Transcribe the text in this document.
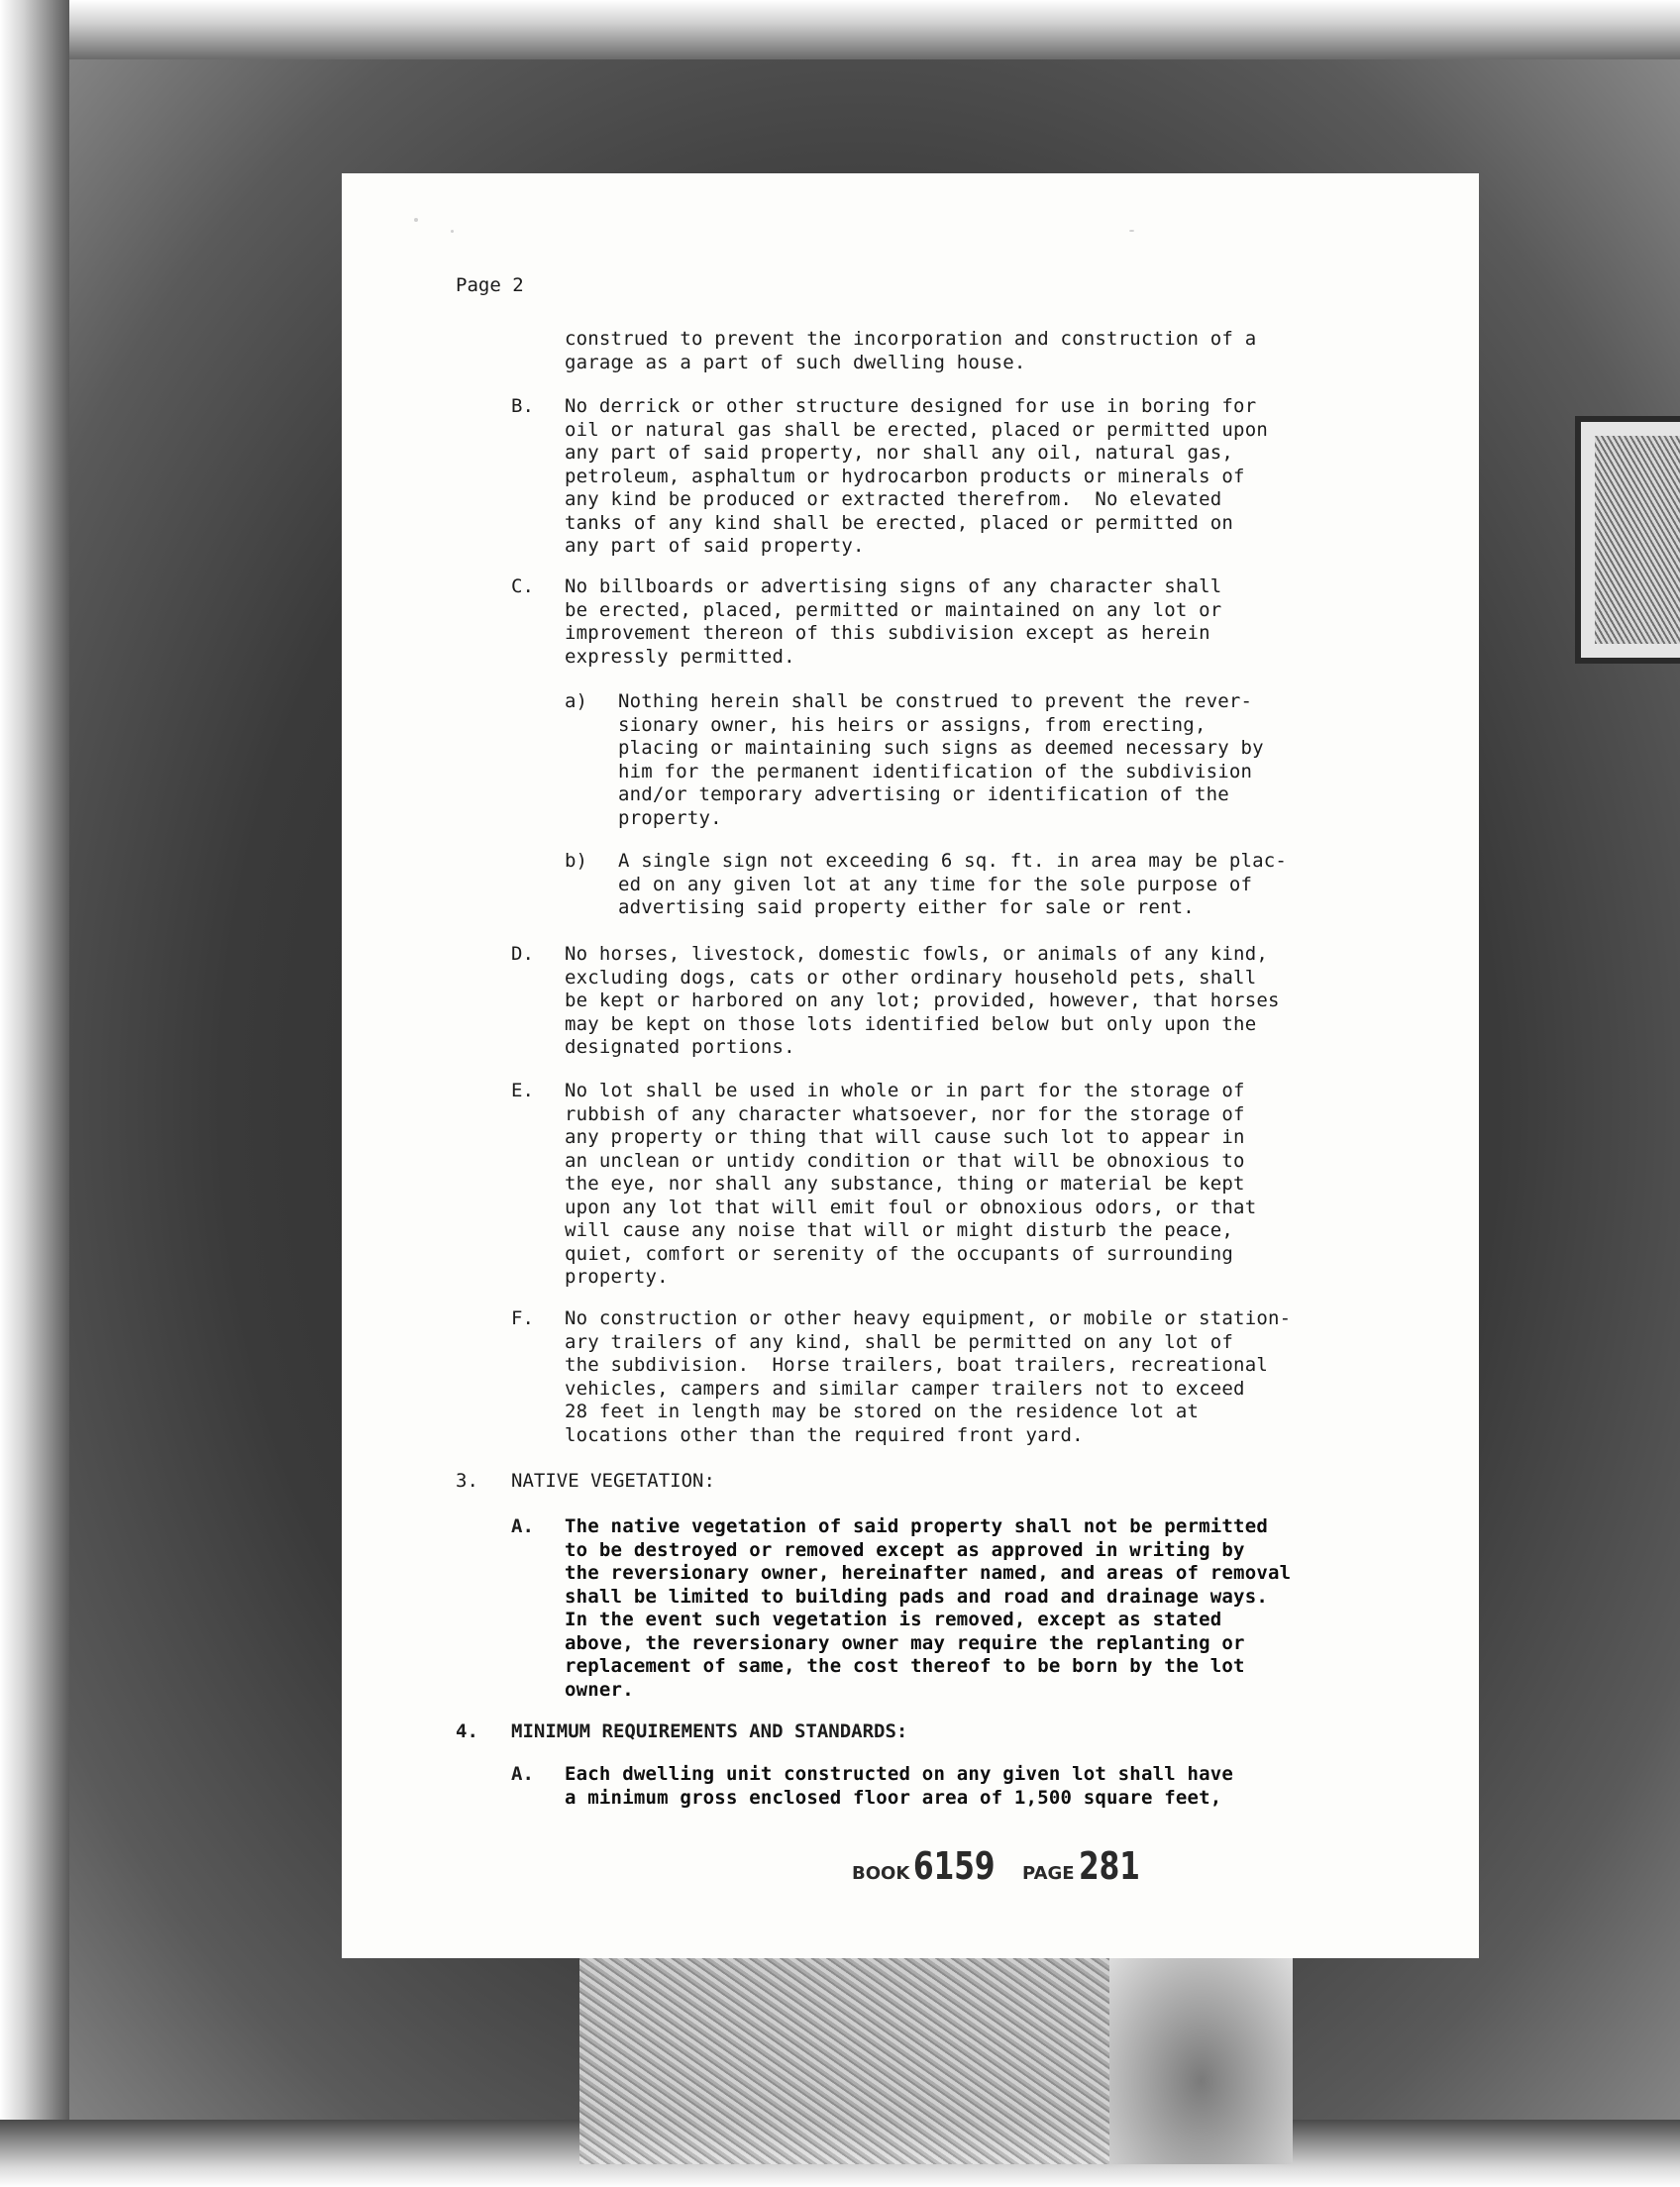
Page 2
construed to prevent the incorporation and construction of a
garage as a part of such dwelling house.
B. No derrick or other structure designed for use in boring for
oil or natural gas shall be erected, placed or permitted upon
any part of said property, nor shall any oil, natural gas,
petroleum, asphaltum or hydrocarbon products or minerals of
any kind be produced or extracted therefrom.  No elevated
tanks of any kind shall be erected, placed or permitted on
any part of said property.
C. No billboards or advertising signs of any character shall
be erected, placed, permitted or maintained on any lot or
improvement thereon of this subdivision except as herein
expressly permitted.
a) Nothing herein shall be construed to prevent the rever-
sionary owner, his heirs or assigns, from erecting,
placing or maintaining such signs as deemed necessary by
him for the permanent identification of the subdivision
and/or temporary advertising or identification of the
property.
b) A single sign not exceeding 6 sq. ft. in area may be plac-
ed on any given lot at any time for the sole purpose of
advertising said property either for sale or rent.
D. No horses, livestock, domestic fowls, or animals of any kind,
excluding dogs, cats or other ordinary household pets, shall
be kept or harbored on any lot; provided, however, that horses
may be kept on those lots identified below but only upon the
designated portions.
E. No lot shall be used in whole or in part for the storage of
rubbish of any character whatsoever, nor for the storage of
any property or thing that will cause such lot to appear in
an unclean or untidy condition or that will be obnoxious to
the eye, nor shall any substance, thing or material be kept
upon any lot that will emit foul or obnoxious odors, or that
will cause any noise that will or might disturb the peace,
quiet, comfort or serenity of the occupants of surrounding
property.
F. No construction or other heavy equipment, or mobile or station-
ary trailers of any kind, shall be permitted on any lot of
the subdivision.  Horse trailers, boat trailers, recreational
vehicles, campers and similar camper trailers not to exceed
28 feet in length may be stored on the residence lot at
locations other than the required front yard.
3. NATIVE VEGETATION:
A. The native vegetation of said property shall not be permitted
to be destroyed or removed except as approved in writing by
the reversionary owner, hereinafter named, and areas of removal
shall be limited to building pads and road and drainage ways.
In the event such vegetation is removed, except as stated
above, the reversionary owner may require the replanting or
replacement of same, the cost thereof to be born by the lot
owner.
4. MINIMUM REQUIREMENTS AND STANDARDS:
A. Each dwelling unit constructed on any given lot shall have
a minimum gross enclosed floor area of 1,500 square feet,
BOOK 6159 PAGE 281
